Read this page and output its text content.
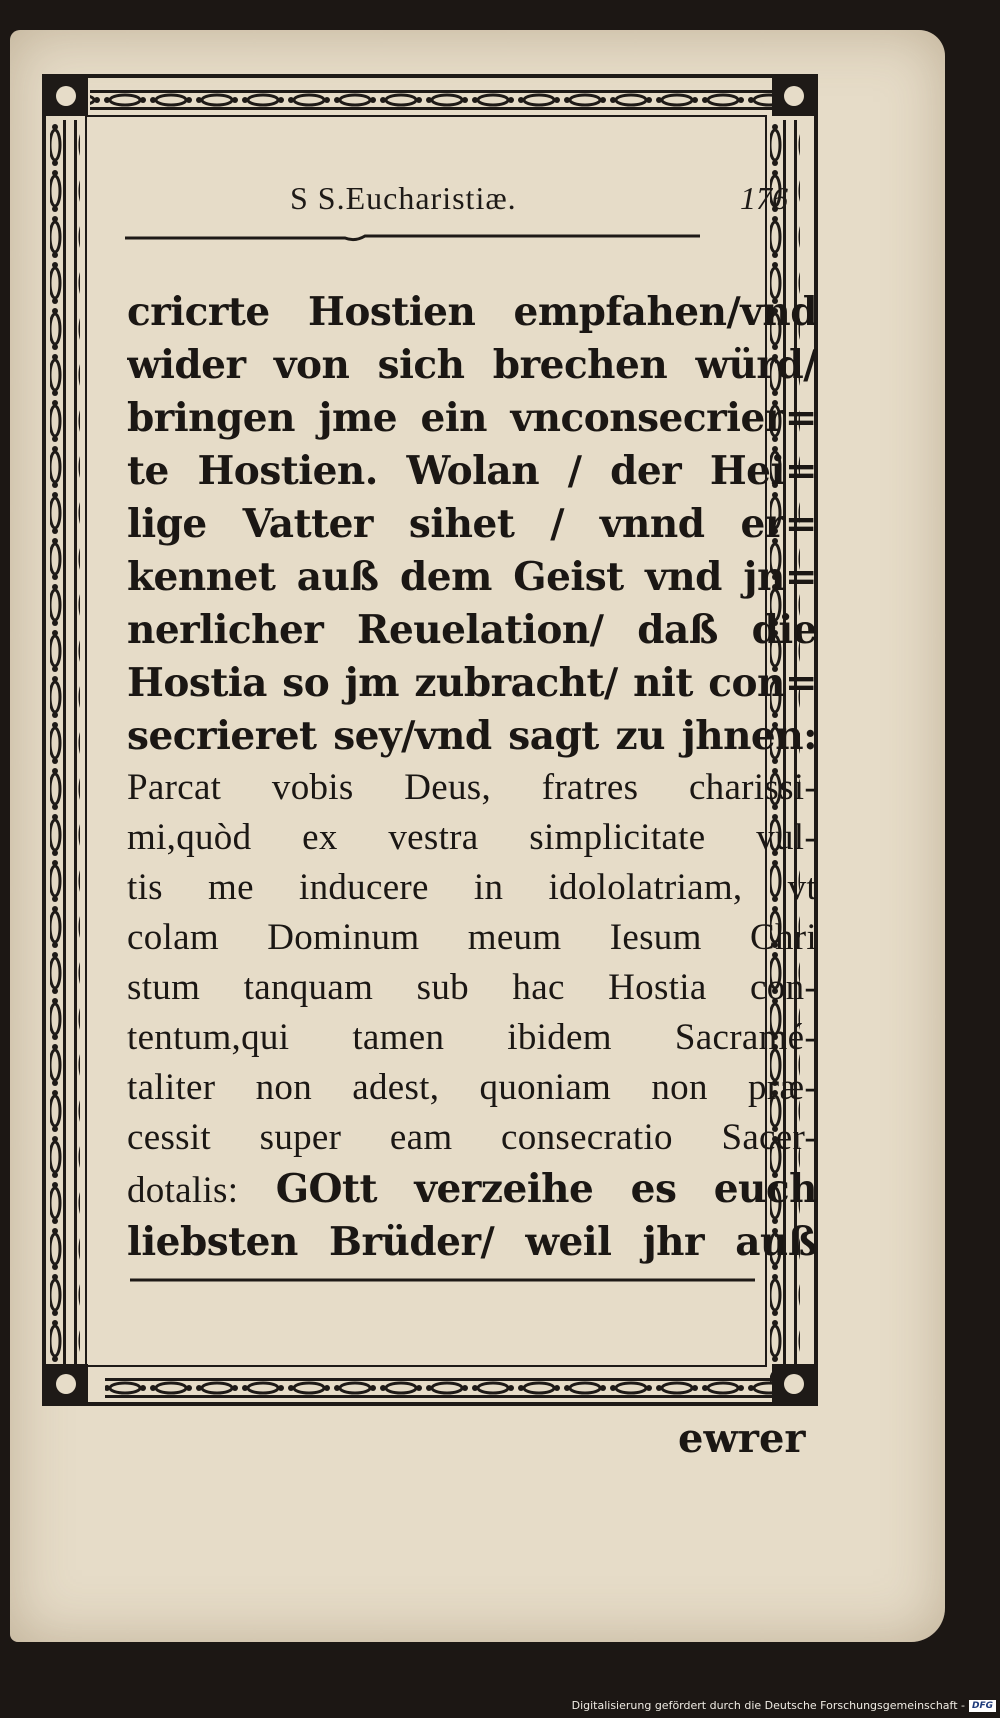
S S.Eucharistiæ.	176
cricrte Hostien empfahen/vnd
wider von sich brechen würd/
bringen jme ein vnconsecrier=
te Hostien. Wolan / der Hei=
lige Vatter sihet / vnnd er=
kennet auß dem Geist vnd jn=
nerlicher Reuelation/ daß die
Hostia so jm zubracht/ nit con=
secrieret sey/vnd sagt zu jhnen:
Parcat vobis Deus, fratres charissi-
mi,quòd ex vestra simplicitate vul-
tis me inducere in idololatriam, vt
colam Dominum meum Iesum Chri
stum tanquam sub hac Hostia con-
tentum,qui tamen ibidem Sacramé-
taliter non adest, quoniam non præ-
cessit super eam consecratio Sacer-
dotalis: GOtt verzeihe es euch
liebsten Brüder/ weil jhr auß
ewrer
Digitalisierung gefördert durch die Deutsche Forschungsgemeinschaft - DFG
